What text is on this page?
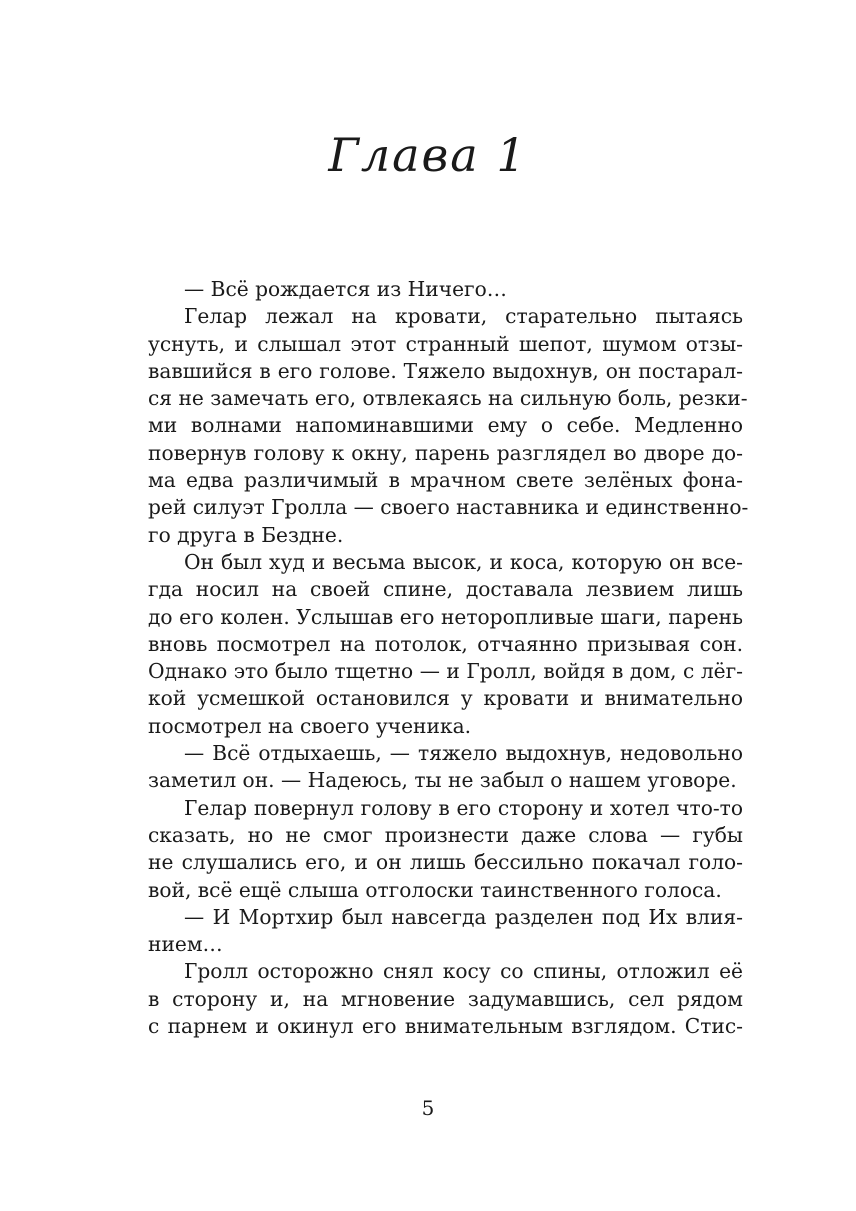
Глава 1
— Всё рождается из Ничего…
Гелар лежал на кровати, старательно пытаясь
уснуть, и слышал этот странный шепот, шумом отзы-
вавшийся в его голове. Тяжело выдохнув, он постарал-
ся не замечать его, отвлекаясь на сильную боль, резки-
ми волнами напоминавшими ему о себе. Медленно
повернув голову к окну, парень разглядел во дворе до-
ма едва различимый в мрачном свете зелёных фона-
рей силуэт Гролла — своего наставника и единственно-
го друга в Бездне.
Он был худ и весьма высок, и коса, которую он все-
гда носил на своей спине, доставала лезвием лишь
до его колен. Услышав его неторопливые шаги, парень
вновь посмотрел на потолок, отчаянно призывая сон.
Однако это было тщетно — и Гролл, войдя в дом, с лёг-
кой усмешкой остановился у кровати и внимательно
посмотрел на своего ученика.
— Всё отдыхаешь, — тяжело выдохнув, недовольно
заметил он. — Надеюсь, ты не забыл о нашем уговоре.
Гелар повернул голову в его сторону и хотел что-то
сказать, но не смог произнести даже слова — губы
не слушались его, и он лишь бессильно покачал голо-
вой, всё ещё слыша отголоски таинственного голоса.
— И Мортхир был навсегда разделен под Их влия-
нием…
Гролл осторожно снял косу со спины, отложил её
в сторону и, на мгновение задумавшись, сел рядом
с парнем и окинул его внимательным взглядом. Стис-
5
